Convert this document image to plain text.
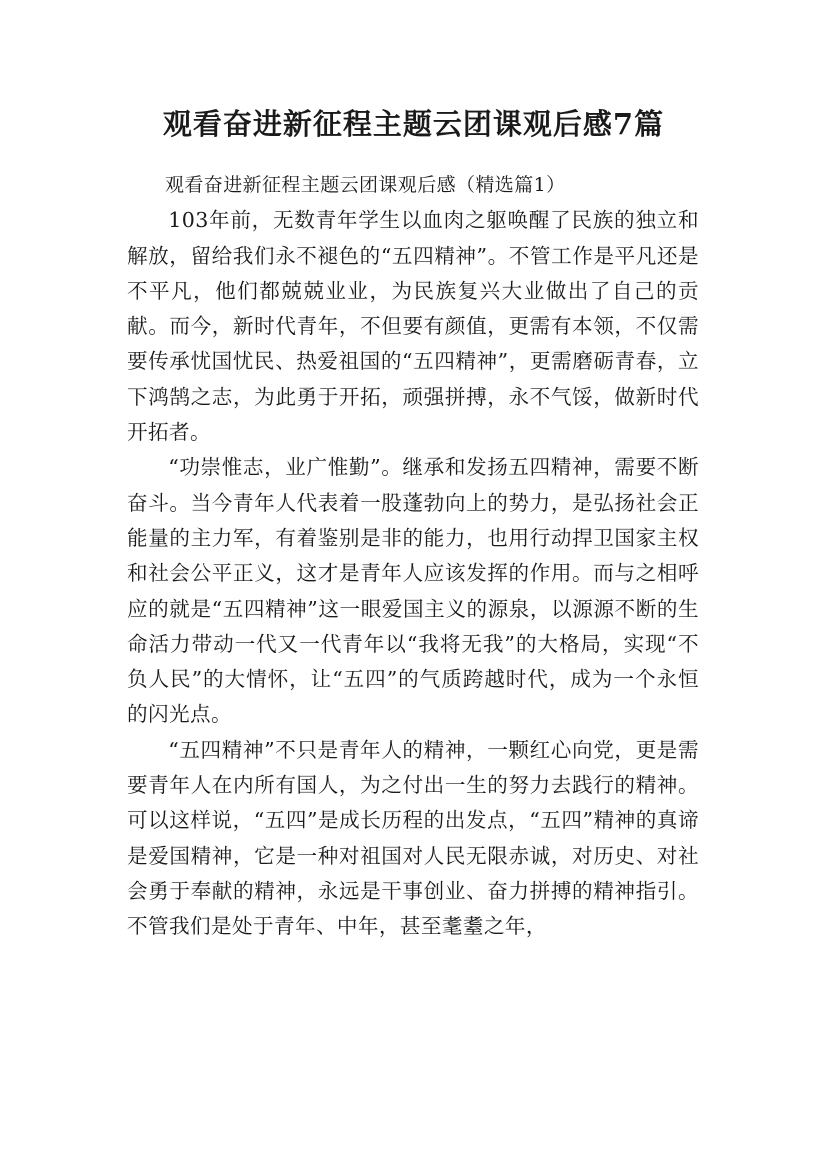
观看奋进新征程主题云团课观后感7篇

观看奋进新征程主题云团课观后感（精选篇1）

103年前，无数青年学生以血肉之躯唤醒了民族的独立和解放，留给我们永不褪色的“五四精神”。不管工作是平凡还是不平凡，他们都兢兢业业，为民族复兴大业做出了自己的贡献。而今，新时代青年，不但要有颜值，更需有本领，不仅需要传承忧国忧民、热爱祖国的“五四精神”，更需磨砺青春，立下鸿鹄之志，为此勇于开拓，顽强拼搏，永不气馁，做新时代开拓者。

“功崇惟志，业广惟勤”。继承和发扬五四精神，需要不断奋斗。当今青年人代表着一股蓬勃向上的势力，是弘扬社会正能量的主力军，有着鉴别是非的能力，也用行动捍卫国家主权和社会公平正义，这才是青年人应该发挥的作用。而与之相呼应的就是“五四精神”这一眼爱国主义的源泉，以源源不断的生命活力带动一代又一代青年以“我将无我”的大格局，实现“不负人民”的大情怀，让“五四”的气质跨越时代，成为一个永恒的闪光点。

“五四精神”不只是青年人的精神，一颗红心向党，更是需要青年人在内所有国人，为之付出一生的努力去践行的精神。可以这样说，“五四”是成长历程的出发点，“五四”精神的真谛是爱国精神，它是一种对祖国对人民无限赤诚，对历史、对社会勇于奉献的精神，永远是干事创业、奋力拼搏的精神指引。不管我们是处于青年、中年，甚至耄耋之年，
